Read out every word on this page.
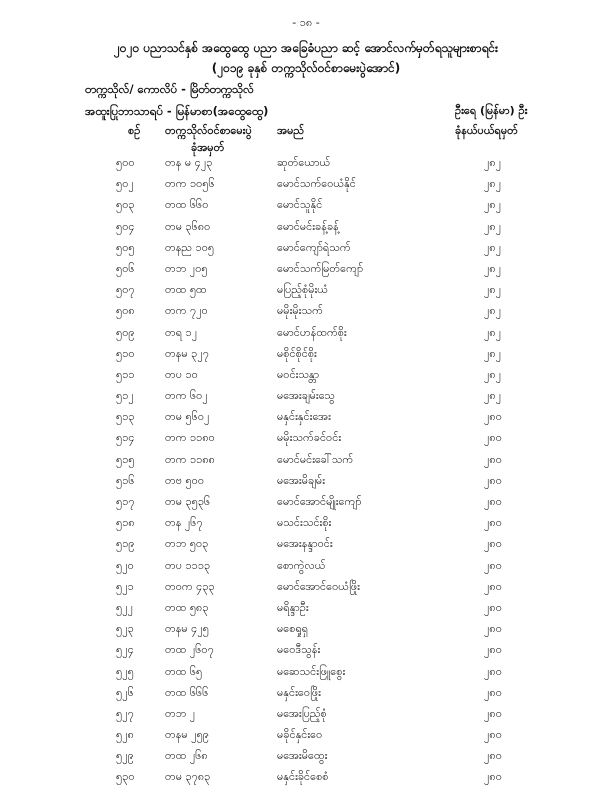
- ၁၈ -
၂၀၂၀ ပညာသင်နှစ် အထွေထွေ ပညာ အခြေခံပညာ ဆင့် အောင်လက်မှတ်ရသူများစာရင်း
(၂၀၁၉ ခုနှစ် တက္ကသိုလ်ဝင်စာမေးပွဲအောင်)
တက္ကသိုလ်/ ကောလိပ် - မြိတ်တက္ကသိုလ်
အထူးပြုဘာသာရပ် - မြန်မာစာ(အထွေထွေ)	ဦးရေ (မြန်မာ) ဦး
စဉ် တက္ကသိုလ်ဝင်စာမေးပွဲ
ခုံအမှတ်
အမည်	ခုံနယ်ပယ်ရမှတ်
၅၀၀	တန မ ၄၂၃	ဆုတ်ယောယ်	၂၈၂
၅၀၂	တက ၁၀၅၆	မောင်သက်ဝေယံနိုင်	၂၈၂
၅၀၃	တထ ၆၆၀	မောင်သူနိုင်	၂၈၂
၅၀၄	တမ ၃၆၈၀	မောင်မင်းခန့်ခန့်	၂၈၂
၅၀၅	တနည ၁၀၅	မောင်ကျော်ရဲသက်	၂၈၂
၅၀၆	တဘ ၂၀၅	မောင်သက်မြတ်ကျော်	၂၈၂
၅၀၇	တထ ၅ထ	မပြည့်စုံမိုးယံ	၂၈၂
၅၀၈	တက ၇၂၀	မမိုးမိုးသက်	၂၈၂
၅၀၉	တရ ၁၂	မောင်ဟန်ထက်စိုး	၂၈၂
၅၁၀	တနမ ၃၂၇	မစိုင်စိုင်စိုး	၂၈၂
၅၁၁	တပ ၁၀	မဝင်းသန္တာ	၂၈၂
၅၁၂	တက ၆၀၂	မအေးချမ်းသွေ	၂၈၂
၅၁၃	တမ ၅၆၀၂	မနှင်းနှင်းအေး	၂၈၀
၅၁၄	တက ၁၁၈၀	မမိုးသက်ခင်ဝင်း	၂၈၀
၅၁၅	တက ၁၁၈၈	မောင်မင်းခေါ်သက်	၂၈၀
၅၁၆	တဗ ၅၀၀	မအေးမိချမ်း	၂၈၀
၅၁၇	တမ ၃၅၃၆	မောင်အောင်မျိုးကျော်	၂၈၀
၅၁၈	တန ၂၆၇	မသင်းသင်းစိုး	၂၈၀
၅၁၉	တဘ ၅၀၃	မအေးနန္ဒာဝင်း	၂၈၀
၅၂၀	တပ ၁၁၁၃	စောကွဲလယ်	၂၈၀
၅၂၁	တ၀က ၄၃၃	မောင်အောင်ဝေယံဖြိုး	၂၈၀
၅၂၂	တထ ၅၈၃	မရိန္ဒာဦး	၂၈၀
၅၂၃	တနမ ၄၂၅	မစေရှုရှ	၂၈၀
၅၂၄	တထ ၂၆၀၇	မဝေဒီသွန်း	၂၈၀
၅၂၅	တထ ၆၅	မဆေသင်းဖြူစွေး	၂၈၀
၅၂၆	တထ ၆၆၆	မနှင်းဝေဖြိုး	၂၈၀
၅၂၇	တဘ ၂	မအေးပြည့်စုံ	၂၈၀
၅၂၈	တနမ ၂၅၉	မခိုင်နှင်းဝေ	၂၈၀
၅၂၉	တထ ၂၆၈	မအေးမိထွေး	၂၈၀
၅၃၀	တမ ၃၇၈၃	မနှင်းခိုင်စေစံ	၂၈၀
